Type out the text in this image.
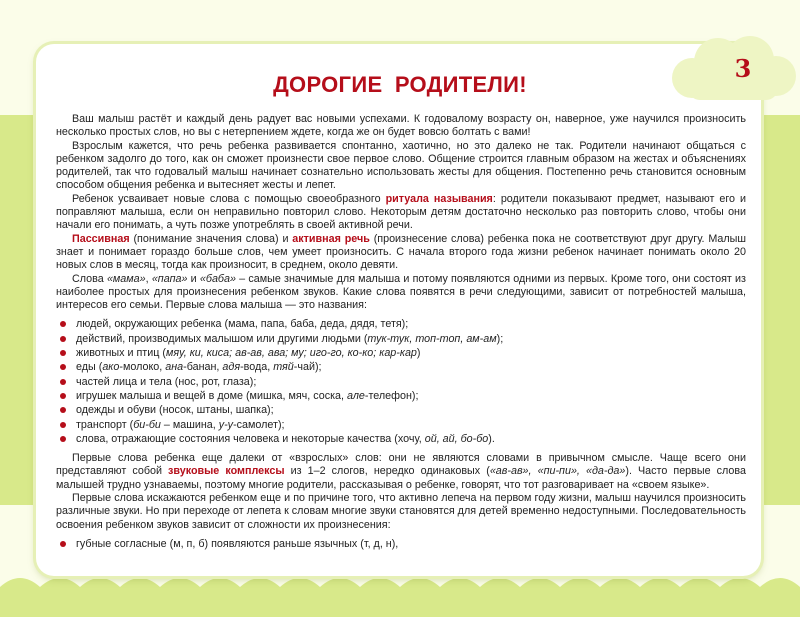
3
ДОРОГИЕ РОДИТЕЛИ!

Ваш малыш растёт и каждый день радует вас новыми успехами. К годовалому возрасту он, наверное, уже научился произносить несколько простых слов, но вы с нетерпением ждете, когда же он будет вовсю болтать с вами!

Взрослым кажется, что речь ребенка развивается спонтанно, хаотично, но это далеко не так. Родители начинают общаться с ребенком задолго до того, как он сможет произнести свое первое слово. Общение строится главным образом на жестах и объяснениях родителей, так что годовалый малыш начинает сознательно использовать жесты для общения. Постепенно речь становится основным способом общения ребенка и вытесняет жесты и лепет.

Ребенок усваивает новые слова с помощью своеобразного ритуала называния: родители показывают предмет, называют его и поправляют малыша, если он неправильно повторил слово. Некоторым детям достаточно несколько раз повторить слово, чтобы они начали его понимать, а чуть позже употреблять в своей активной речи.

Пассивная (понимание значения слова) и активная речь (произнесение слова) ребенка пока не соответствуют друг другу. Малыш знает и понимает гораздо больше слов, чем умеет произносить. С начала второго года жизни ребенок начинает понимать около 20 новых слов в месяц, тогда как произносит, в среднем, около девяти.

Слова «мама», «папа» и «баба» – самые значимые для малыша и потому появляются одними из первых. Кроме того, они состоят из наиболее простых для произнесения ребенком звуков. Какие слова появятся в речи следующими, зависит от потребностей малыша, интересов его семьи. Первые слова малыша — это названия:

людей, окружающих ребенка (мама, папа, баба, деда, дядя, тетя);
действий, производимых малышом или другими людьми (тук-тук, топ-топ, ам-ам);
животных и птиц (мяу, ки, киса; ав-ав, ава; му; иго-го, ко-ко; кар-кар)
еды (ако-молоко, ана-банан, адя-вода, тяй-чай);
частей лица и тела (нос, рот, глаза);
игрушек малыша и вещей в доме (мишка, мяч, соска, але-телефон);
одежды и обуви (носок, штаны, шапка);
транспорт (би-би – машина, у-у-самолет);
слова, отражающие состояния человека и некоторые качества (хочу, ой, ай, бо-бо).

Первые слова ребенка еще далеки от «взрослых» слов: они не являются словами в привычном смысле. Чаще всего они представляют собой звуковые комплексы из 1–2 слогов, нередко одинаковых («ав-ав», «пи-пи», «да-да»). Часто первые слова малышей трудно узнаваемы, поэтому многие родители, рассказывая о ребенке, говорят, что тот разговаривает на «своем языке».

Первые слова искажаются ребенком еще и по причине того, что активно лепеча на первом году жизни, малыш научился произносить различные звуки. Но при переходе от лепета к словам многие звуки становятся для детей временно недоступными. Последовательность освоения ребенком звуков зависит от сложности их произнесения:

губные согласные (м, п, б) появляются раньше язычных (т, д, н),
